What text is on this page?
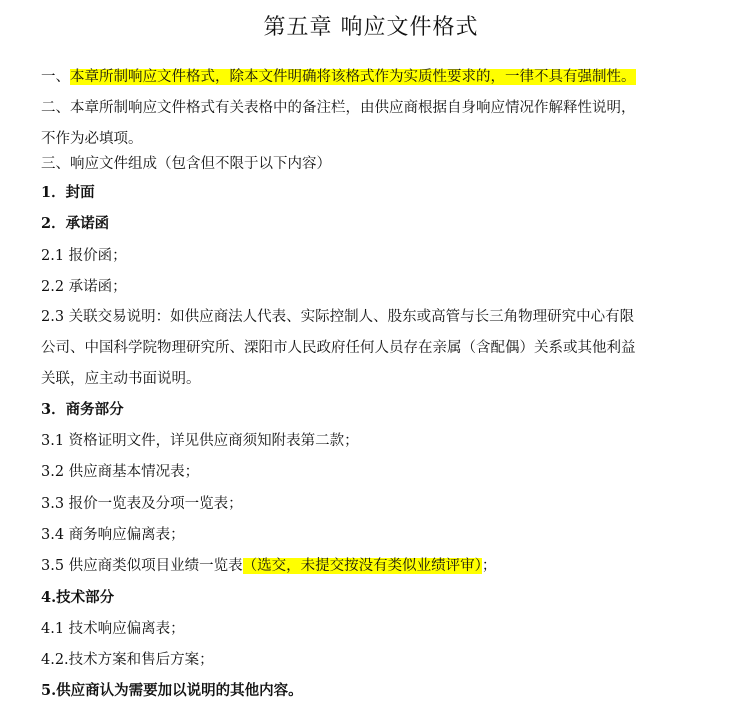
第五章 响应文件格式
一、本章所制响应文件格式，除本文件明确将该格式作为实质性要求的，一律不具有强制性。
二、本章所制响应文件格式有关表格中的备注栏，由供应商根据自身响应情况作解释性说明，
不作为必填项。
三、响应文件组成（包含但不限于以下内容）
1．封面
2．承诺函
2.1 报价函；
2.2 承诺函；
2.3 关联交易说明：如供应商法人代表、实际控制人、股东或高管与长三角物理研究中心有限
公司、中国科学院物理研究所、溧阳市人民政府任何人员存在亲属（含配偶）关系或其他利益
关联，应主动书面说明。
3．商务部分
3.1 资格证明文件，详见供应商须知附表第二款；
3.2 供应商基本情况表；
3.3 报价一览表及分项一览表；
3.4 商务响应偏离表；
3.5 供应商类似项目业绩一览表（选交，未提交按没有类似业绩评审）；
4.技术部分
4.1 技术响应偏离表；
4.2.技术方案和售后方案；
5.供应商认为需要加以说明的其他内容。
